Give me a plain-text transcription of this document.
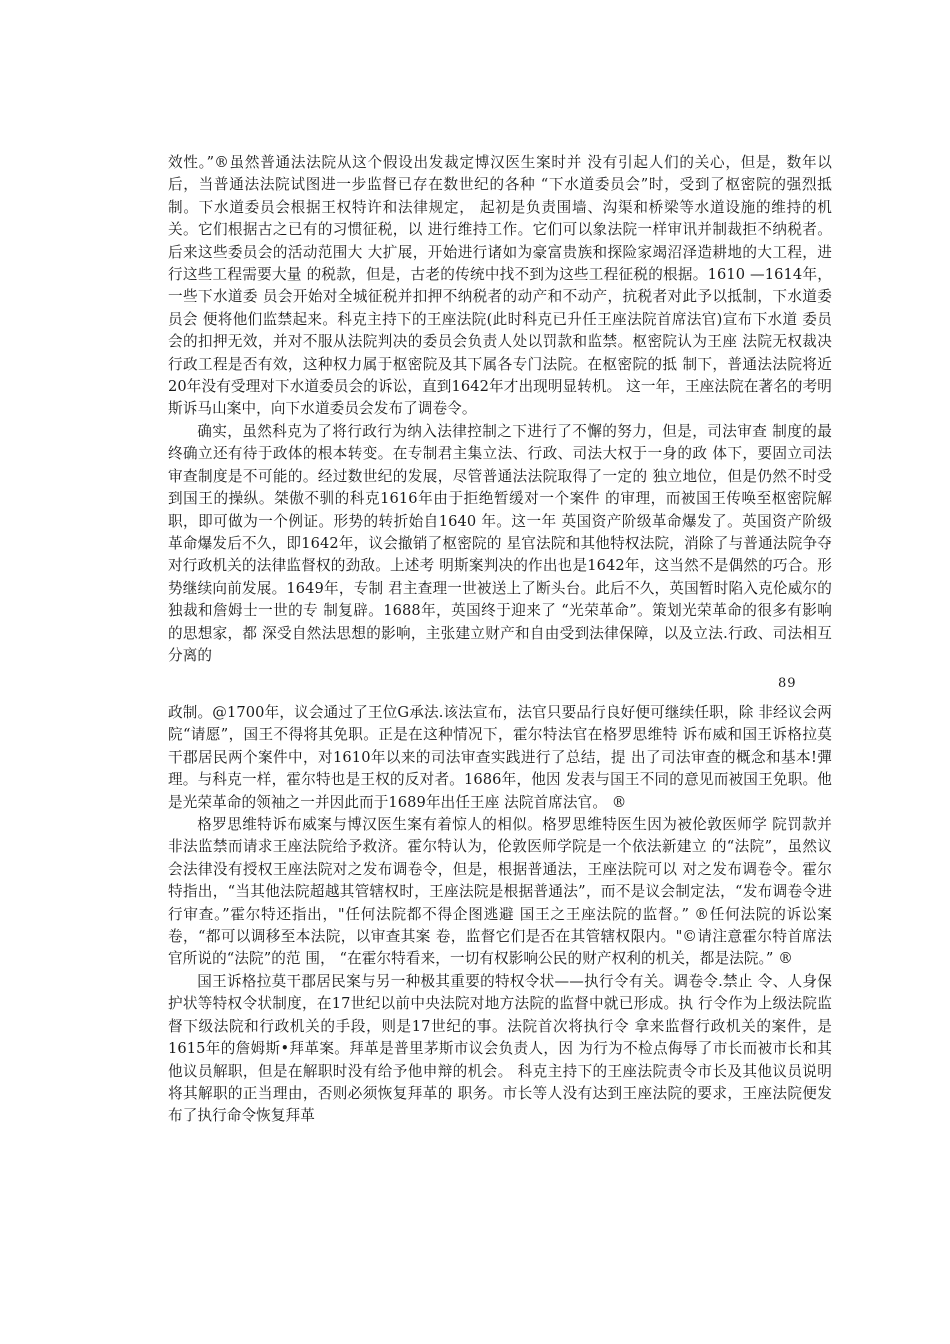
效性。”®虽然普通法法院从这个假设出发裁定博汉医生案时并 没有引起人们的关心，但是，数年以后，当普通法法院试图进一步监督已存在数世纪的各种 “下水道委员会”时，受到了枢密院的强烈抵制。下水道委员会根据王权特许和法律规定， 起初是负责围墙、沟渠和桥梁等水道设施的维持的机关。它们根据古之已有的习惯征税，以 进行维持工作。它们可以象法院一样审讯并制裁拒不纳税者。后来这些委员会的活动范围大 大扩展，开始进行诸如为豪富贵族和探险家竭沼泽造耕地的大工程，进行这些工程需要大量 的税款，但是，古老的传统中找不到为这些工程征税的根据。1610 —1614年，一些下水道委 员会开始对全城征税并扣押不纳税者的动产和不动产，抗税者对此予以抵制，下水道委员会 便将他们监禁起来。科克主持下的王座法院(此时科克已升任王座法院首席法官)宣布下水道 委员会的扣押无效，并对不服从法院判决的委员会负责人处以罚款和监禁。枢密院认为王座 法院无权裁决行政工程是否有效，这种权力属于枢密院及其下属各专门法院。在枢密院的抵 制下，普通法法院将近20年没有受理对下水道委员会的诉讼，直到1642年才出现明显转机。 这一年，王座法院在著名的考明斯诉马山案中，向下水道委员会发布了调卷令。

确实，虽然科克为了将行政行为纳入法律控制之下进行了不懈的努力，但是，司法审查 制度的最终确立还有待于政体的根本转变。在专制君主集立法、行政、司法大权于一身的政 体下，要固立司法审查制度是不可能的。经过数世纪的发展，尽管普通法法院取得了一定的 独立地位，但是仍然不时受到国王的操纵。桀傲不驯的科克1616年由于拒绝暂缓对一个案件 的审理，而被国王传唤至枢密院解职，即可做为一个例证。形势的转折始自1640 年。这一年 英国资产阶级革命爆发了。英国资产阶级革命爆发后不久，即1642年，议会撤销了枢密院的 星官法院和其他特权法院，消除了与普通法院争夺对行政机关的法律监督权的劲敌。上述考 明斯案判决的作出也是1642年，这当然不是偶然的巧合。形势继续向前发展。1649年，专制 君主查理一世被送上了断头台。此后不久，英国暂时陷入克伦威尔的独裁和詹姆士一世的专 制复辟。1688年，英国终于迎来了 “光荣革命”。策划光荣革命的很多有影响的思想家，都 深受自然法思想的影响，主张建立财产和自由受到法律保障，以及立法.行政、司法相互分离的

89

政制。@1700年，议会通过了王位G承法.该法宣布，法官只要品行良好便可继续任职，除 非经议会两院“请愿”，国王不得将其免职。正是在这种情况下，霍尔特法官在格罗思维特 诉布威和国王诉格拉莫干郡居民两个案件中，对1610年以来的司法审查实践进行了总结，提 出了司法审查的概念和基本!彈理。与科克一样，霍尔特也是王权的反对者。1686年，他因 发表与国王不同的意见而被国王免职。他是光荣革命的领袖之一并因此而于1689年出任王座 法院首席法官。 ®

格罗思维特诉布威案与博汉医生案有着惊人的相似。格罗思维特医生因为被伦敦医师学 院罚款并非法监禁而请求王座法院给予救济。霍尔特认为，伦敦医师学院是一个依法新建立 的“法院”，虽然议会法律没有授权王座法院对之发布调卷令，但是，根据普通法，王座法院可以 对之发布调卷令。霍尔特指出，“当其他法院超越其管辖权时，王座法院是根据普通法”，而不是议会制定法，“发布调卷令进行审查。”霍尔特还指出，"任何法院都不得企图逃避 国王之王座法院的监督。” ®任何法院的诉讼案卷，“都可以调移至本法院，以审查其案 卷，监督它们是否在其管辖权限内。"©请注意霍尔特首席法官所说的“法院”的范 围， “在霍尔特看来，一切有权影响公民的财产权利的机关，都是法院。” ®

国王诉格拉莫干郡居民案与另一种极其重要的特权令状——执行令有关。调卷令.禁止 令、人身保护状等特权令状制度，在17世纪以前中央法院对地方法院的监督中就已形成。执 行令作为上级法院监督下级法院和行政机关的手段，则是17世纪的事。法院首次将执行令 拿来监督行政机关的案件，是1615年的詹姆斯•拜革案。拜革是普里茅斯市议会负责人，因 为行为不检点侮辱了市长而被市长和其他议员解职，但是在解职时没有给予他申辩的机会。 科克主持下的王座法院责令市长及其他议员说明将其解职的正当理由，否则必须恢复拜革的 职务。市长等人没有达到王座法院的要求，王座法院便发布了执行命令恢复拜革
